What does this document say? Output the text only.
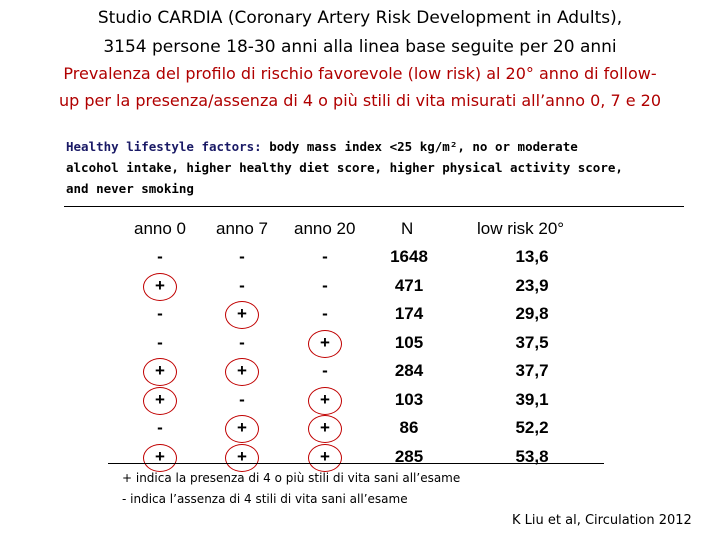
Studio CARDIA (Coronary Artery Risk Development in Adults),
3154 persone 18-30 anni alla linea base seguite per 20 anni
Prevalenza del profilo di rischio favorevole (low risk) al 20° anno di follow-
up per la presenza/assenza di 4 o più stili di vita misurati all’anno 0, 7 e 20
Healthy lifestyle factors: body mass index <25 kg/m², no or moderate
alcohol intake, higher healthy diet score, higher physical activity score,
and never smoking
anno 0 anno 7 anno 20	N	low risk 20°
-	-	-	1648	13,6
+	-	-	471	23,9
-	+	-	174	29,8
-	-	+	105	37,5
+	+	-	284	37,7
+	-	+	103	39,1
-	+	+	86	52,2
+	+	+	285	53,8
+ indica la presenza di 4 o più stili di vita sani all’esame
- indica l’assenza di 4 stili di vita sani all’esame
K Liu et al, Circulation 2012
